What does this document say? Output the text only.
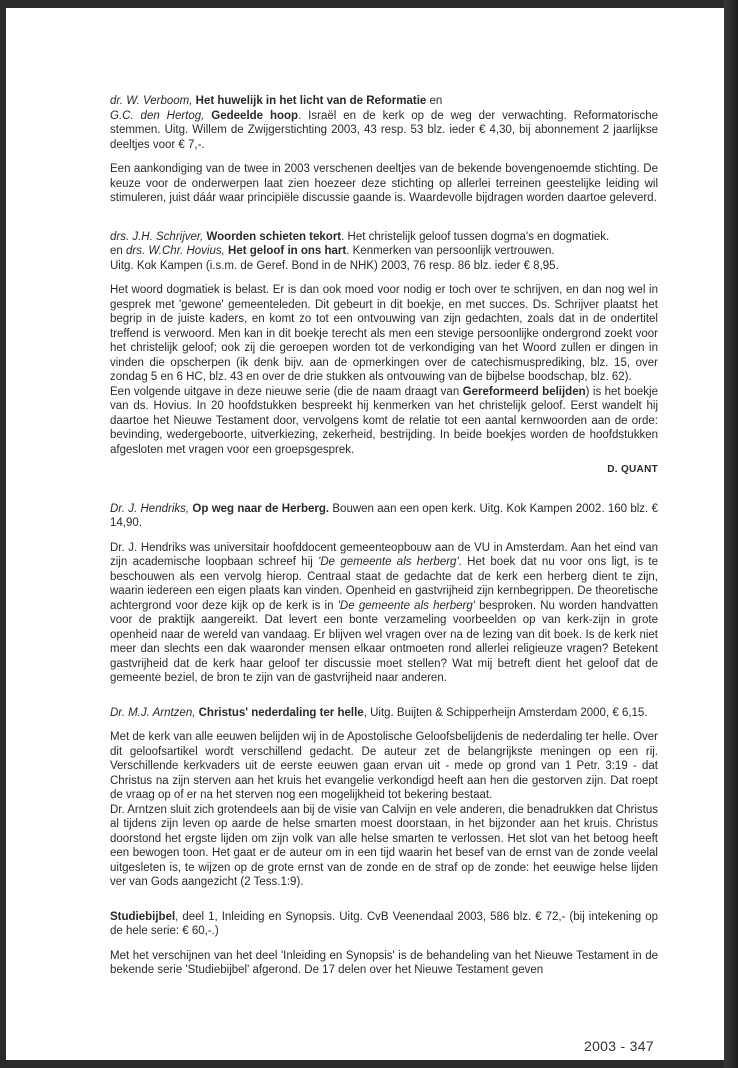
dr. W. Verboom, Het huwelijk in het licht van de Reformatie en

G.C. den Hertog, Gedeelde hoop. Israël en de kerk op de weg der verwachting. Reformatorische stemmen. Uitg. Willem de Zwijgerstichting 2003, 43 resp. 53 blz. ieder € 4,30, bij abonnement 2 jaarlijkse deeltjes voor € 7,-.

Een aankondiging van de twee in 2003 verschenen deeltjes van de bekende bovengenoemde stichting. De keuze voor de onderwerpen laat zien hoezeer deze stichting op allerlei terreinen geestelijke leiding wil stimuleren, juist dáár waar principiële discussie gaande is. Waardevolle bijdragen worden daartoe geleverd.

drs. J.H. Schrijver, Woorden schieten tekort. Het christelijk geloof tussen dogma's en dogmatiek.

en drs. W.Chr. Hovius, Het geloof in ons hart. Kenmerken van persoonlijk vertrouwen.

Uitg. Kok Kampen (i.s.m. de Geref. Bond in de NHK) 2003, 76 resp. 86 blz. ieder € 8,95.

Het woord dogmatiek is belast. Er is dan ook moed voor nodig er toch over te schrijven, en dan nog wel in gesprek met 'gewone' gemeenteleden. Dit gebeurt in dit boekje, en met succes. Ds. Schrijver plaatst het begrip in de juiste kaders, en komt zo tot een ontvouwing van zijn gedachten, zoals dat in de ondertitel treffend is verwoord. Men kan in dit boekje terecht als men een stevige persoonlijke ondergrond zoekt voor het christelijk geloof; ook zij die geroepen worden tot de verkondiging van het Woord zullen er dingen in vinden die opscherpen (ik denk bijv. aan de opmerkingen over de catechismusprediking, blz. 15, over zondag 5 en 6 HC, blz. 43 en over de drie stukken als ontvouwing van de bijbelse boodschap, blz. 62).

Een volgende uitgave in deze nieuwe serie (die de naam draagt van Gereformeerd belijden) is het boekje van ds. Hovius. In 20 hoofdstukken bespreekt hij kenmerken van het christelijk geloof. Eerst wandelt hij daartoe het Nieuwe Testament door, vervolgens komt de relatie tot een aantal kernwoorden aan de orde: bevinding, wedergeboorte, uitverkiezing, zekerheid, bestrijding. In beide boekjes worden de hoofdstukken afgesloten met vragen voor een groepsgesprek.

D. QUANT

Dr. J. Hendriks, Op weg naar de Herberg. Bouwen aan een open kerk. Uitg. Kok Kampen 2002. 160 blz. € 14,90.

Dr. J. Hendriks was universitair hoofddocent gemeenteopbouw aan de VU in Amsterdam. Aan het eind van zijn academische loopbaan schreef hij 'De gemeente als herberg'. Het boek dat nu voor ons ligt, is te beschouwen als een vervolg hierop. Centraal staat de gedachte dat de kerk een herberg dient te zijn, waarin iedereen een eigen plaats kan vinden. Openheid en gastvrijheid zijn kernbegrippen. De theoretische achtergrond voor deze kijk op de kerk is in 'De gemeente als herberg' besproken. Nu worden handvatten voor de praktijk aangereikt. Dat levert een bonte verzameling voorbeelden op van kerk-zijn in grote openheid naar de wereld van vandaag. Er blijven wel vragen over na de lezing van dit boek. Is de kerk niet meer dan slechts een dak waaronder mensen elkaar ontmoeten rond allerlei religieuze vragen? Betekent gastvrijheid dat de kerk haar geloof ter discussie moet stellen? Wat mij betreft dient het geloof dat de gemeente beziel, de bron te zijn van de gastvrijheid naar anderen.

Dr. M.J. Arntzen, Christus' nederdaling ter helle, Uitg. Buijten & Schipperheijn Amsterdam 2000, € 6,15.

Met de kerk van alle eeuwen belijden wij in de Apostolische Geloofsbelijdenis de nederdaling ter helle. Over dit geloofsartikel wordt verschillend gedacht. De auteur zet de belangrijkste meningen op een rij. Verschillende kerkvaders uit de eerste eeuwen gaan ervan uit - mede op grond van 1 Petr. 3:19 - dat Christus na zijn sterven aan het kruis het evangelie verkondigd heeft aan hen die gestorven zijn. Dat roept de vraag op of er na het sterven nog een mogelijkheid tot bekering bestaat.

Dr. Arntzen sluit zich grotendeels aan bij de visie van Calvijn en vele anderen, die benadrukken dat Christus al tijdens zijn leven op aarde de helse smarten moest doorstaan, in het bijzonder aan het kruis. Christus doorstond het ergste lijden om zijn volk van alle helse smarten te verlossen. Het slot van het betoog heeft een bewogen toon. Het gaat er de auteur om in een tijd waarin het besef van de ernst van de zonde veelal uitgesleten is, te wijzen op de grote ernst van de zonde en de straf op de zonde: het eeuwige helse lijden ver van Gods aangezicht (2 Tess.1:9).

Studiebijbel, deel 1, Inleiding en Synopsis. Uitg. CvB Veenendaal 2003, 586 blz. € 72,- (bij intekening op de hele serie: € 60,-.)

Met het verschijnen van het deel 'Inleiding en Synopsis' is de behandeling van het Nieuwe Testament in de bekende serie 'Studiebijbel' afgerond. De 17 delen over het Nieuwe Testament geven

2003 - 347
